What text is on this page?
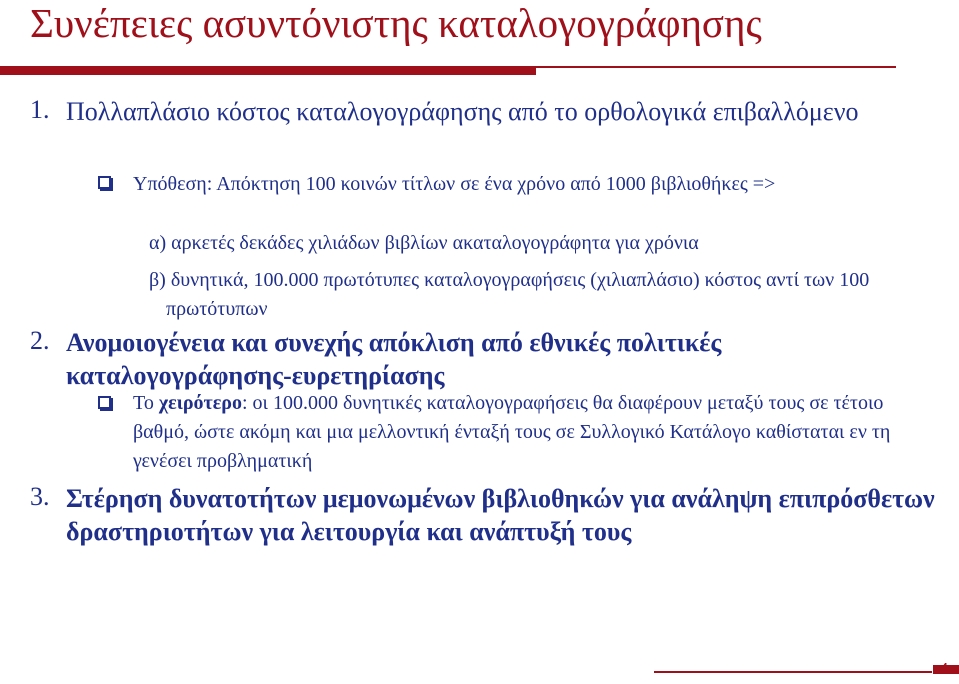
Συνέπειες ασυντόνιστης καταλογογράφησης
1. Πολλαπλάσιο κόστος καταλογογράφησης από το ορθολογικά επιβαλλόμενο
Υπόθεση: Απόκτηση 100 κοινών τίτλων σε ένα χρόνο από 1000 βιβλιοθήκες =>
α) αρκετές δεκάδες χιλιάδων βιβλίων ακαταλογογράφητα για χρόνια
β) δυνητικά, 100.000 πρωτότυπες καταλογογραφήσεις (χιλιαπλάσιο) κόστος αντί των 100 πρωτότυπων
2. Ανομοιογένεια και συνεχής απόκλιση από εθνικές πολιτικές καταλογογράφησης-ευρετηρίασης
Το χειρότερο: οι 100.000 δυνητικές καταλογογραφήσεις θα διαφέρουν μεταξύ τους σε τέτοιο βαθμό, ώστε ακόμη και μια μελλοντική ένταξή τους σε Συλλογικό Κατάλογο καθίσταται εν τη γενέσει προβληματική
3. Στέρηση δυνατοτήτων μεμονωμένων βιβλιοθηκών για ανάληψη επιπρόσθετων δραστηριοτήτων για λειτουργία και ανάπτυξή τους
4
